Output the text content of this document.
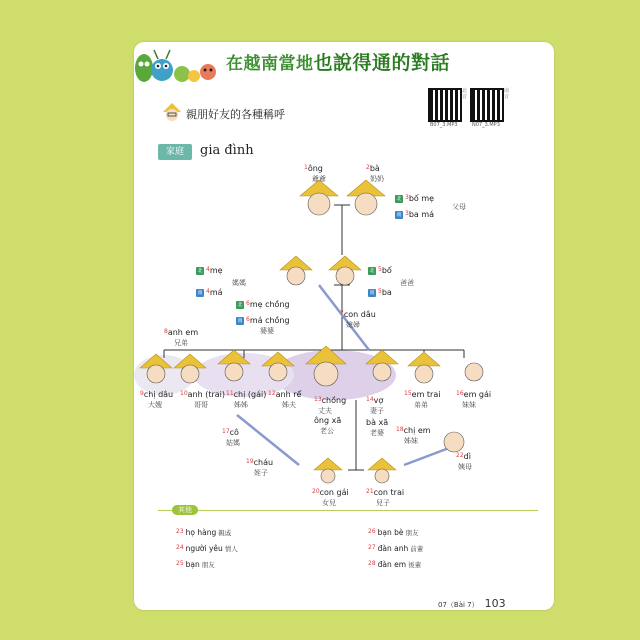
在越南當地也說得通的對話
親朋好友的各種稱呼
北音
B07_3.MP3
南音
N07_3.MP3
家庭	gia đình
$^1$ông
爺爺
$^2$bà
奶奶
北 $^3$bố mẹ
父母
南 $^3$ba má
北 $^4$mẹ
媽媽
南 $^4$má
北 $^5$bố
爸爸
南 $^5$ba
北 $^6$mẹ chồng
南 $^6$má chồng
婆婆
$^7$con dâu
媳婦
$^8$anh em
兄弟
$^9$chị dâu
大嫂
$^{10}$anh (trai)
哥哥
$^{11}$chị (gái)
姊姊
$^{12}$anh rể
姊夫
$^{13}$chồng
丈夫
ông xã
老公
$^{14}$vợ
妻子
bà xã
老婆
$^{15}$em trai
弟弟
$^{16}$em gái
妹妹
$^{17}$cô
姑媽
$^{18}$chị em
姊妹
$^{19}$cháu
姪子
$^{20}$con gái
女兒
$^{21}$con trai
兒子
$^{22}$dì
姨母
其他
$^{23}$ họ hàng 親戚
$^{24}$ người yêu 情人
$^{25}$ bạn 朋友
$^{26}$ bạn bè 朋友
$^{27}$ đàn anh 前輩
$^{28}$ đàn em 後輩
07（Bài 7） 103
